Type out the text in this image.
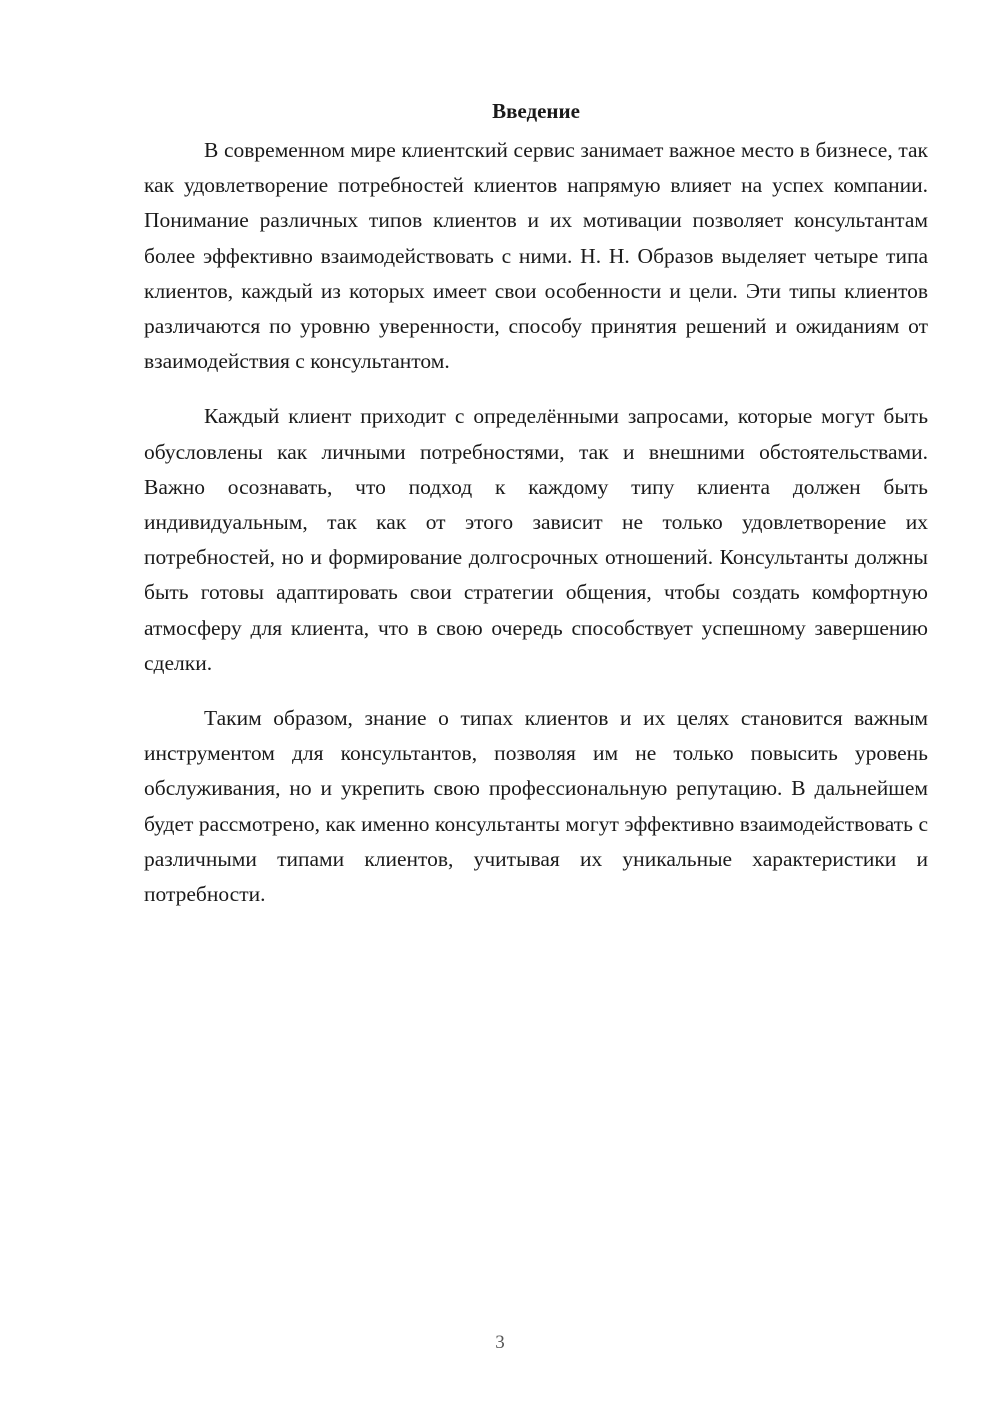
Введение

В современном мире клиентский сервис занимает важное место в бизнесе, так как удовлетворение потребностей клиентов напрямую влияет на успех компании. Понимание различных типов клиентов и их мотивации позволяет консультантам более эффективно взаимодействовать с ними. Н. Н. Образов выделяет четыре типа клиентов, каждый из которых имеет свои особенности и цели. Эти типы клиентов различаются по уровню уверенности, способу принятия решений и ожиданиям от взаимодействия с консультантом.

Каждый клиент приходит с определёнными запросами, которые могут быть обусловлены как личными потребностями, так и внешними обстоятельствами. Важно осознавать, что подход к каждому типу клиента должен быть индивидуальным, так как от этого зависит не только удовлетворение их потребностей, но и формирование долгосрочных отношений. Консультанты должны быть готовы адаптировать свои стратегии общения, чтобы создать комфортную атмосферу для клиента, что в свою очередь способствует успешному завершению сделки.

Таким образом, знание о типах клиентов и их целях становится важным инструментом для консультантов, позволяя им не только повысить уровень обслуживания, но и укрепить свою профессиональную репутацию. В дальнейшем будет рассмотрено, как именно консультанты могут эффективно взаимодействовать с различными типами клиентов, учитывая их уникальные характеристики и потребности.

3
